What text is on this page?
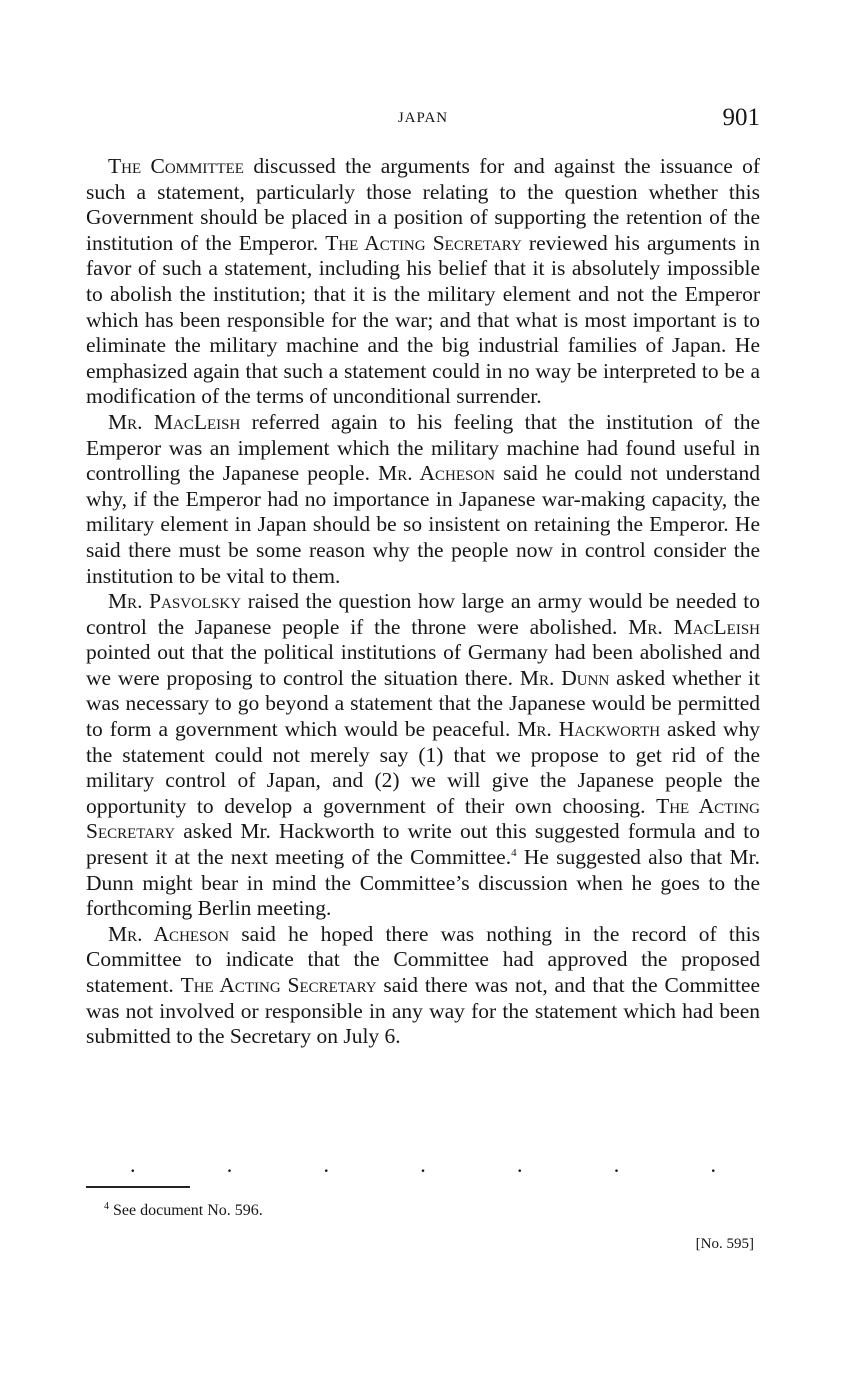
JAPAN	901

The Committee discussed the arguments for and against the issuance of such a statement, particularly those relating to the question whether this Government should be placed in a position of supporting the retention of the institution of the Emperor. The Acting Secretary reviewed his arguments in favor of such a statement, including his belief that it is absolutely impossible to abolish the institution; that it is the military element and not the Emperor which has been responsible for the war; and that what is most important is to eliminate the military machine and the big industrial families of Japan. He emphasized again that such a statement could in no way be interpreted to be a modification of the terms of unconditional surrender.

Mr. MacLeish referred again to his feeling that the institution of the Emperor was an implement which the military machine had found useful in controlling the Japanese people. Mr. Acheson said he could not understand why, if the Emperor had no importance in Japanese war-making capacity, the military element in Japan should be so insistent on retaining the Emperor. He said there must be some reason why the people now in control consider the institution to be vital to them.

Mr. Pasvolsky raised the question how large an army would be needed to control the Japanese people if the throne were abolished. Mr. MacLeish pointed out that the political institutions of Germany had been abolished and we were proposing to control the situation there. Mr. Dunn asked whether it was necessary to go beyond a statement that the Japanese would be permitted to form a government which would be peaceful. Mr. Hackworth asked why the statement could not merely say (1) that we propose to get rid of the military control of Japan, and (2) we will give the Japanese people the opportunity to develop a government of their own choosing. The Acting Secretary asked Mr. Hackworth to write out this suggested formula and to present it at the next meeting of the Committee.$^4$ He suggested also that Mr. Dunn might bear in mind the Committee’s discussion when he goes to the forthcoming Berlin meeting.

Mr. Acheson said he hoped there was nothing in the record of this Committee to indicate that the Committee had approved the proposed statement. The Acting Secretary said there was not, and that the Committee was not involved or responsible in any way for the statement which had been submitted to the Secretary on July 6.

.	.	.	.	.	.	.
$^4$ See document No. 596.
[No. 595]
